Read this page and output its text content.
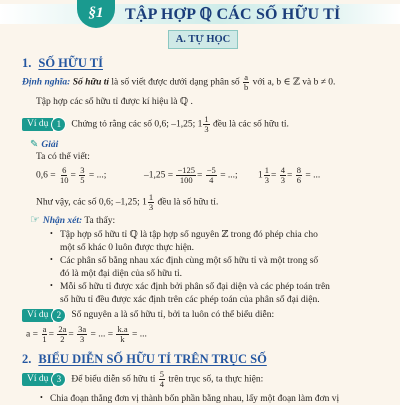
§1	TẬP HỢP ℚ CÁC SỐ HỮU TỈ
A. TỰ HỌC
1. SỐ HỮU TỈ
Định nghĩa: Số hữu tỉ là số viết được dưới dạng phân số $\frac{a}{b}$ với a, b ∈ ℤ và b ≠ 0.
Tập hợp các số hữu tỉ được kí hiệu là ℚ .
Ví dụ 1	Chứng tỏ rằng các số 0,6; –1,25; $1 \frac{1}{3}$ đều là các số hữu tỉ.
✎ Giải
Ta có thể viết:
$0,6 = \frac{6}{10} = \frac{3}{5}$ = ...;	$-1,25 = \frac{-125}{100} = \frac{-5}{4}$ = ...; $1 \frac{1}{3} = \frac{4}{3} = \frac{8}{6}$ = ...
Như vậy, các số 0,6; –1,25; $1 \frac{1}{3}$ đều là số hữu tỉ.
☞ Nhận xét: Ta thấy:
• Tập hợp số hữu tỉ ℚ là tập hợp số nguyên ℤ trong đó phép chia cho
một số khác 0 luôn được thực hiện.
• Các phân số bằng nhau xác định cùng một số hữu tỉ và một trong số
đó là một đại diện của số hữu tỉ.
• Mỗi số hữu tỉ được xác định bởi phân số đại diện và các phép toán trên
số hữu tỉ đều được xác định trên các phép toán của phân số đại diện.
Ví dụ 2	Số nguyên a là số hữu tỉ, bởi ta luôn có thể biểu diễn:
$a = \frac{a}{1} = \frac{2a}{2} = \frac{3a}{3}$ = ... = $\frac{k.a}{k}$ = ...
2. BIỂU DIỄN SỐ HỮU TỈ TRÊN TRỤC SỐ
Ví dụ 3	Để biểu diễn số hữu tỉ $\frac{5}{4}$ trên trục số, ta thực hiện:
• Chia đoạn thẳng đơn vị thành bốn phần bằng nhau, lấy một đoạn làm đơn vị
